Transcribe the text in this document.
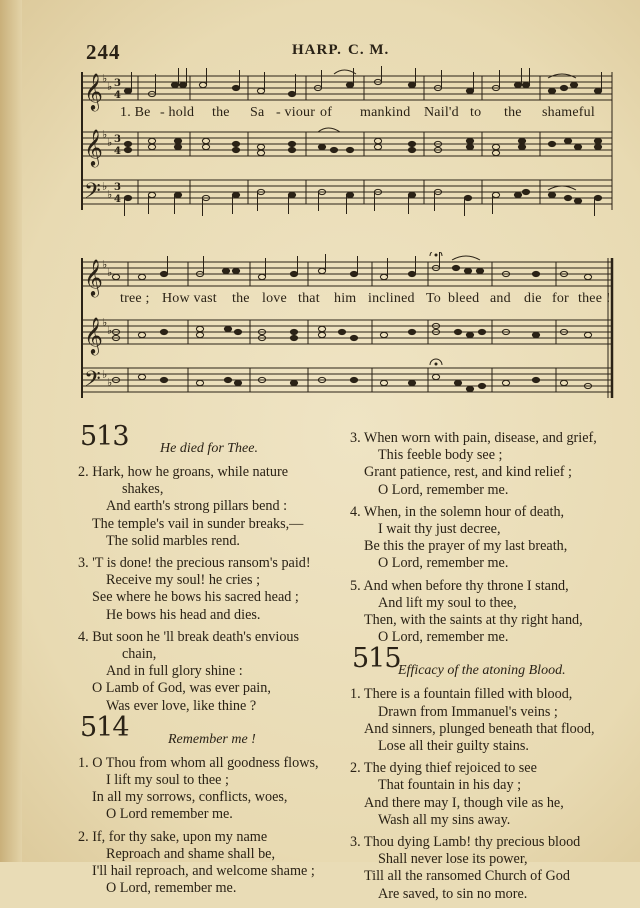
244	HARP. C. M.
𝄞
𝄞
𝄢
♭
♭
♭
♭
♭
♭
3
4
3
4
3
4
1. Be - hold the Sa - viour of mankind Nail'd to the shameful
𝄞
𝄞
𝄢
♭
♭
♭
♭
♭
♭
tree ; How vast the love that him inclined To bleed and die for thee !
513 He died for Thee.
2. Hark, how he groans, while nature
shakes,
And earth's strong pillars bend :
The temple's vail in sunder breaks,—
The solid marbles rend.
3. 'T is done! the precious ransom's paid!
Receive my soul! he cries ;
See where he bows his sacred head ;
He bows his head and dies.
4. But soon he 'll break death's envious
chain,
And in full glory shine :
O Lamb of God, was ever pain,
Was ever love, like thine ?
514	Remember me !
1. O Thou from whom all goodness flows,
I lift my soul to thee ;
In all my sorrows, conflicts, woes,
O Lord remember me.
2. If, for thy sake, upon my name
Reproach and shame shall be,
I'll hail reproach, and welcome shame ;
O Lord, remember me.
3. When worn with pain, disease, and grief,
This feeble body see ;
Grant patience, rest, and kind relief ;
O Lord, remember me.
4. When, in the solemn hour of death,
I wait thy just decree,
Be this the prayer of my last breath,
O Lord, remember me.
5. And when before thy throne I stand,
And lift my soul to thee,
Then, with the saints at thy right hand,
O Lord, remember me.
515
Efficacy of the atoning Blood.
1. There is a fountain filled with blood,
Drawn from Immanuel's veins ;
And sinners, plunged beneath that flood,
Lose all their guilty stains.
2. The dying thief rejoiced to see
That fountain in his day ;
And there may I, though vile as he,
Wash all my sins away.
3. Thou dying Lamb! thy precious blood
Shall never lose its power,
Till all the ransomed Church of God
Are saved, to sin no more.
